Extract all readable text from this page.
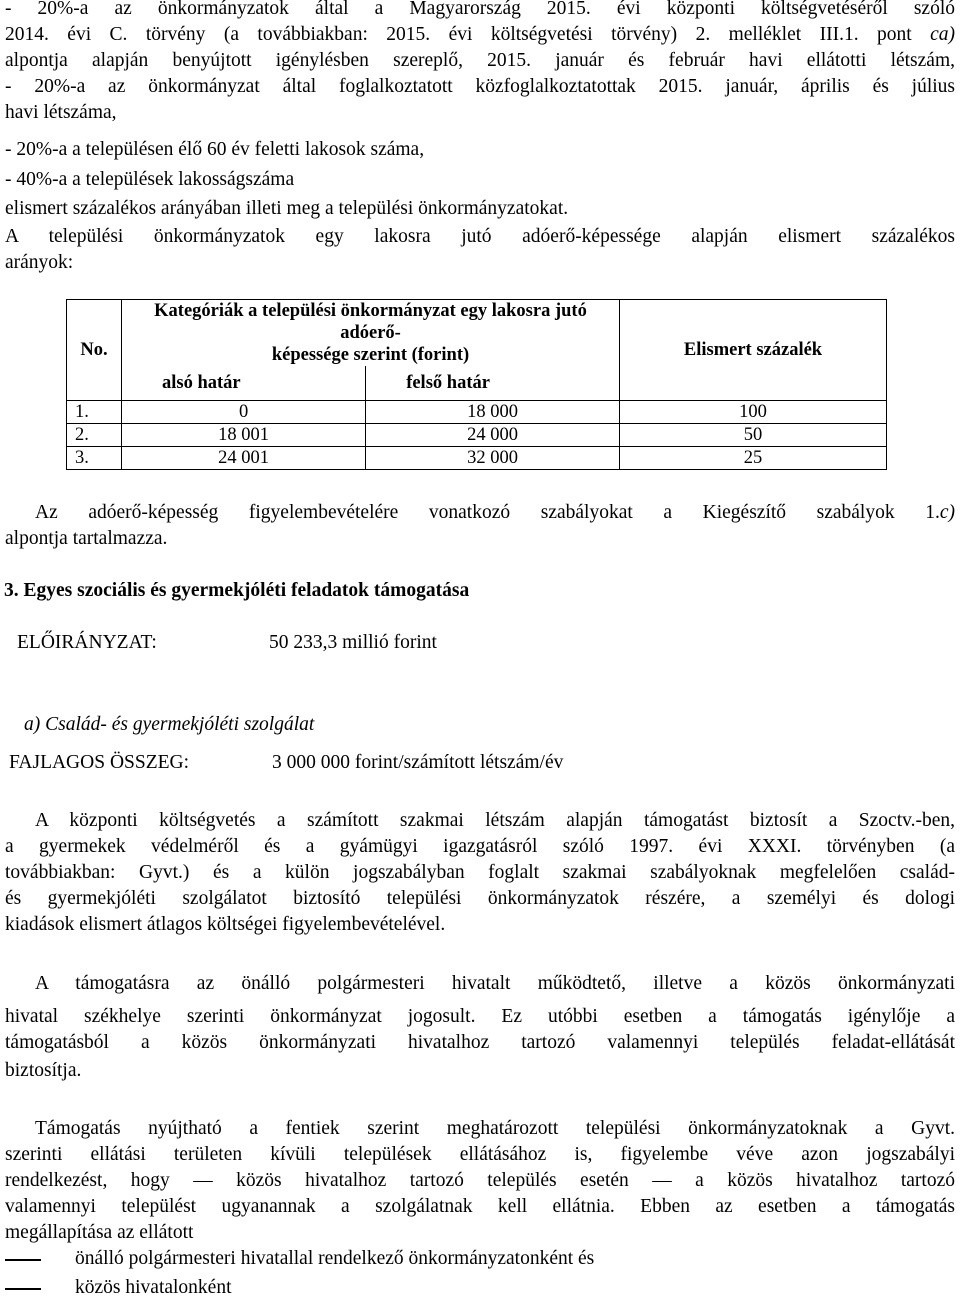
- 20%-a az önkormányzatok által a Magyarország 2015. évi központi költségvetéséről szóló
2014. évi C. törvény (a továbbiakban: 2015. évi költségvetési törvény) 2. melléklet III.1. pont ca)
alpontja alapján benyújtott igénylésben szereplő, 2015. január és február havi ellátotti létszám,
- 20%-a az önkormányzat által foglalkoztatott közfoglalkoztatottak 2015. január, április és július
havi létszáma,
- 20%-a a településen élő 60 év feletti lakosok száma,
- 40%-a a települések lakosságszáma
elismert százalékos arányában illeti meg a települési önkormányzatokat.
A települési önkormányzatok egy lakosra jutó adóerő-képessége alapján elismert százalékos
arányok:
No.	Kategóriák a települési önkormányzat egy lakosra jutó adóerő-
képessége szerint (forint)		Elismert százalék
	alsó határ	felső határ	
1.	0	18 000	100
2.	18 001	24 000	50
3.	24 001	32 000	25
Az adóerő-képesség figyelembevételére vonatkozó szabályokat a Kiegészítő szabályok 1.c)
alpontja tartalmazza.
3. Egyes szociális és gyermekjóléti feladatok támogatása
ELŐIRÁNYZAT:	50 233,3 millió forint
a) Család- és gyermekjóléti szolgálat
FAJLAGOS ÖSSZEG:	3 000 000 forint/számított létszám/év
A központi költségvetés a számított szakmai létszám alapján támogatást biztosít a Szoctv.-ben,
a gyermekek védelméről és a gyámügyi igazgatásról szóló 1997. évi XXXI. törvényben (a
továbbiakban: Gyvt.) és a külön jogszabályban foglalt szakmai szabályoknak megfelelően család-
és gyermekjóléti szolgálatot biztosító települési önkormányzatok részére, a személyi és dologi
kiadások elismert átlagos költségei figyelembevételével.
A támogatásra az önálló polgármesteri hivatalt működtető, illetve a közös önkormányzati
hivatal székhelye szerinti önkormányzat jogosult. Ez utóbbi esetben a támogatás igénylője a
támogatásból a közös önkormányzati hivatalhoz tartozó valamennyi település feladat-ellátását
biztosítja.
Támogatás nyújtható a fentiek szerint meghatározott települési önkormányzatoknak a Gyvt.
szerinti ellátási területen kívüli települések ellátásához is, figyelembe véve azon jogszabályi
rendelkezést, hogy — közös hivatalhoz tartozó település esetén — a közös hivatalhoz tartozó
valamennyi települést ugyanannak a szolgálatnak kell ellátnia. Ebben az esetben a támogatás
megállapítása az ellátott
önálló polgármesteri hivatallal rendelkező önkormányzatonként és
közös hivatalonként
